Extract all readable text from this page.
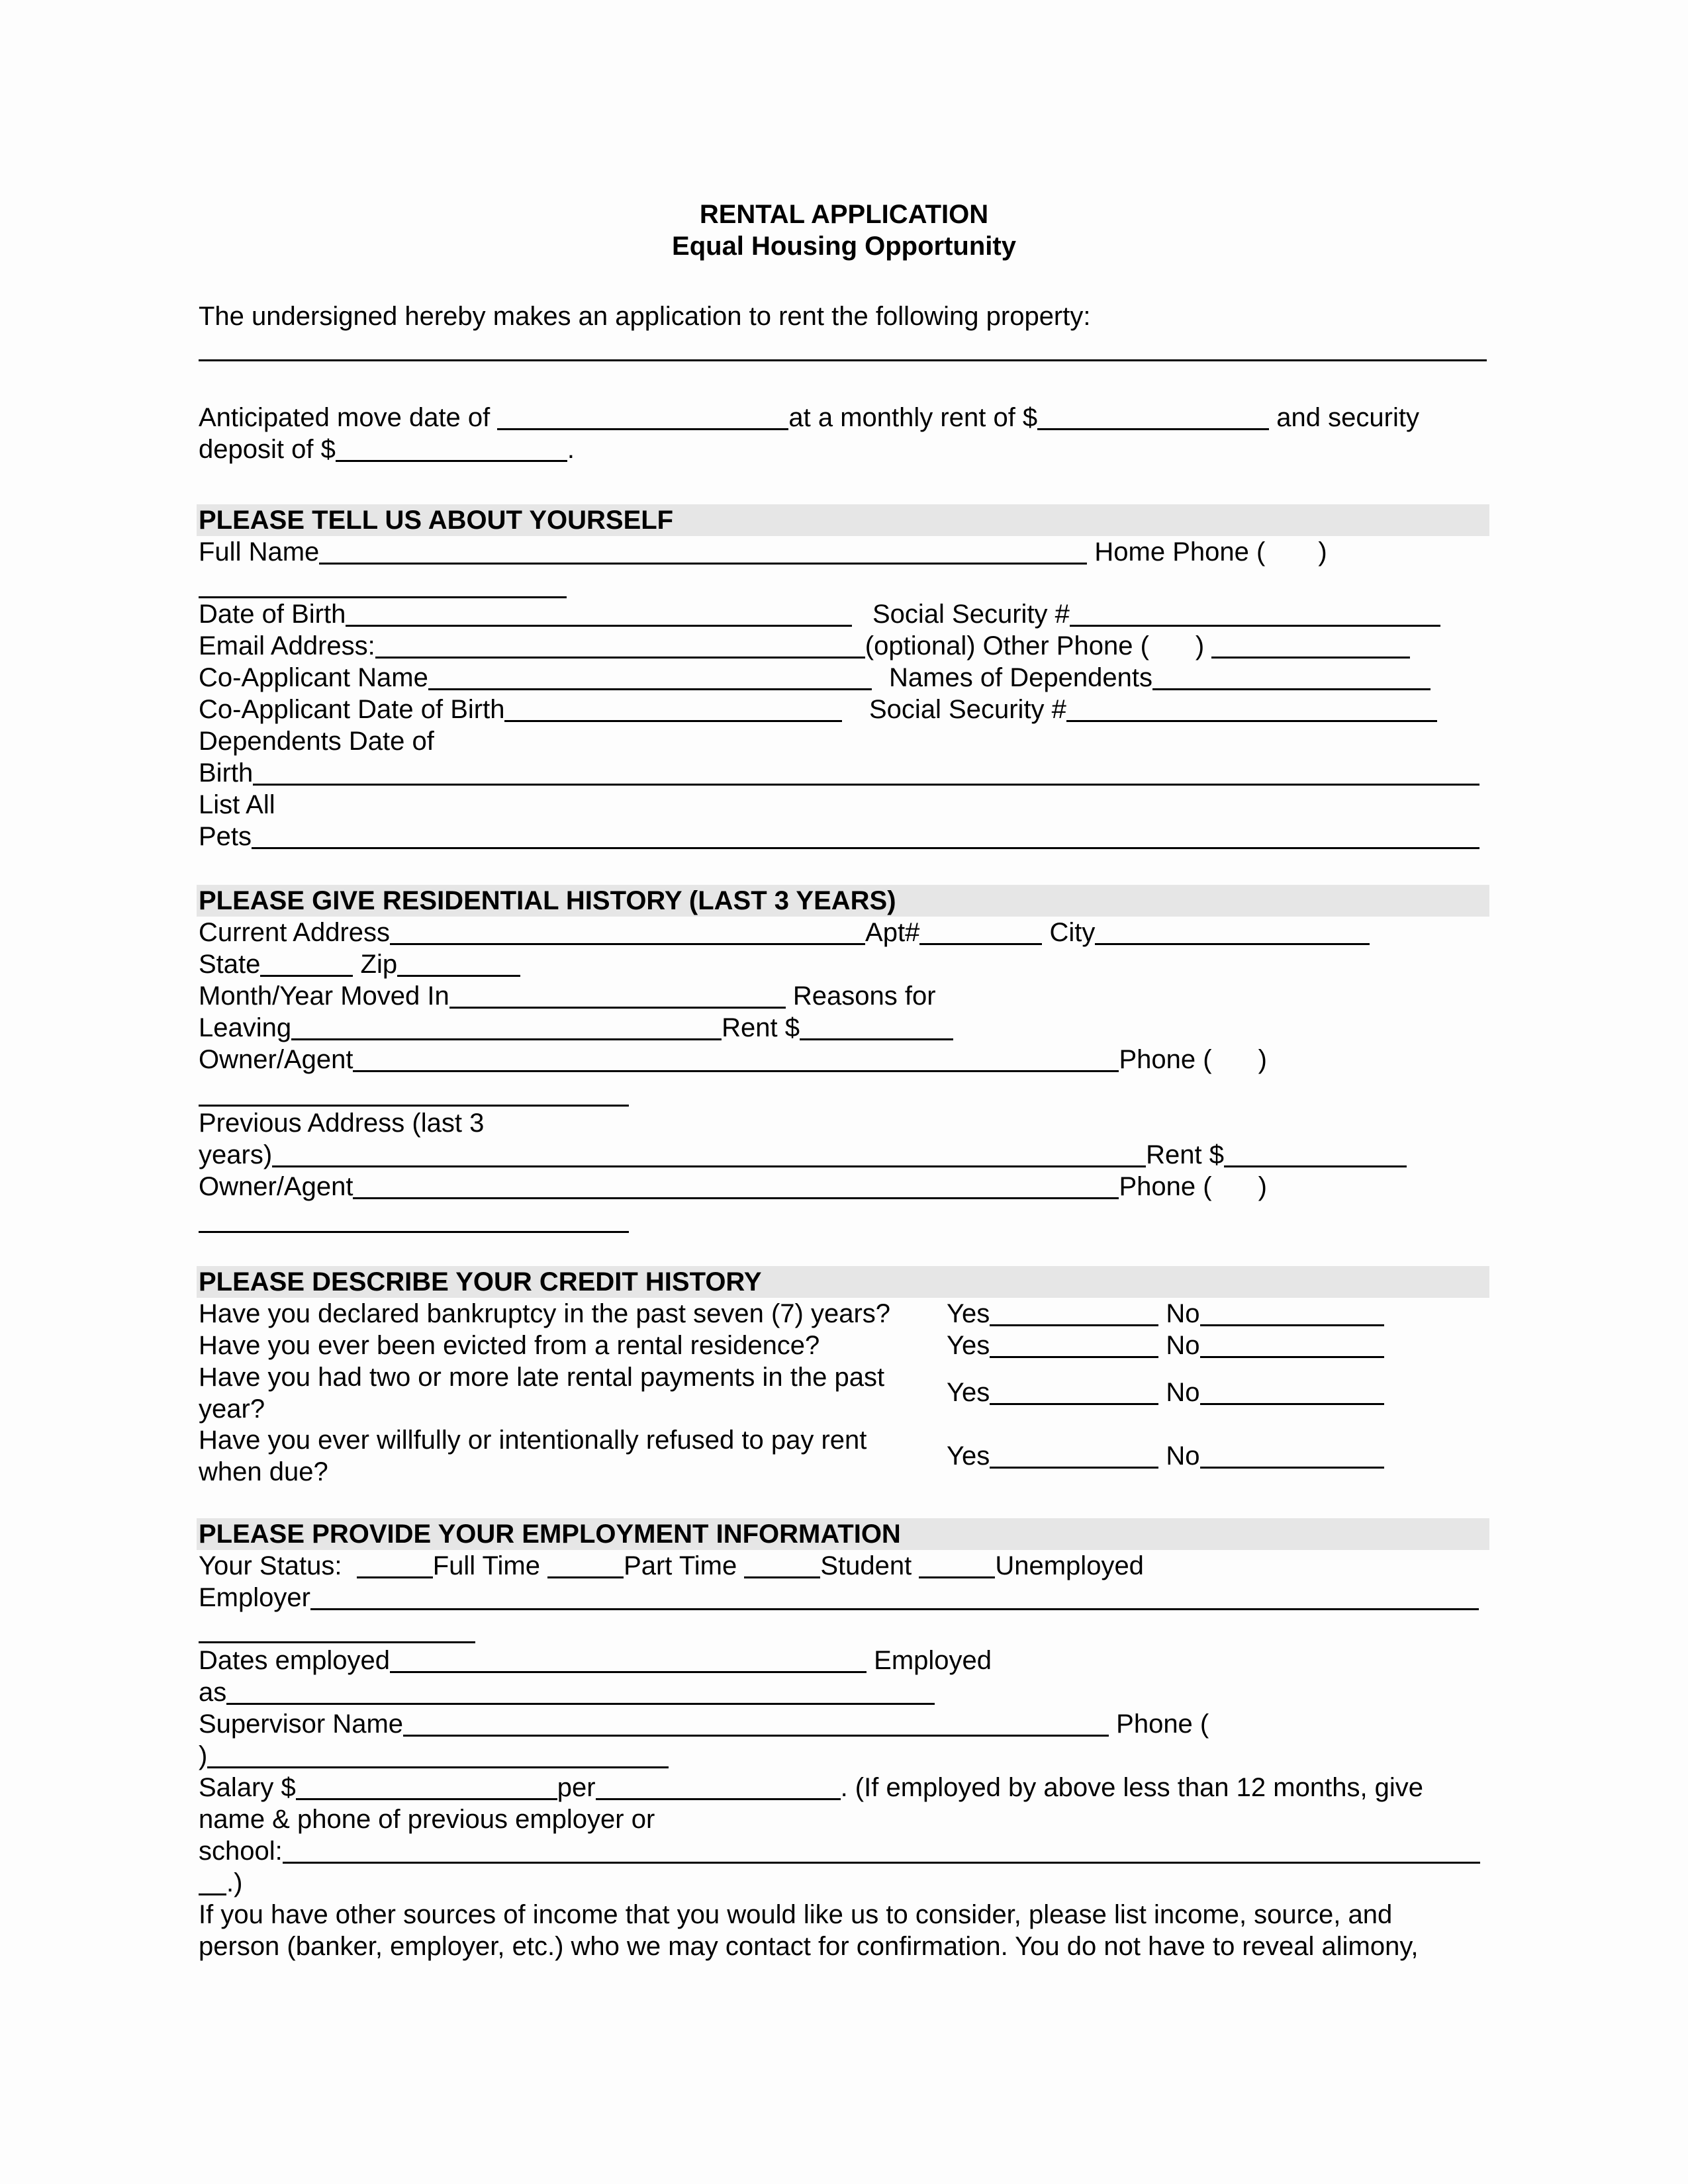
RENTAL APPLICATION
Equal Housing Opportunity
The undersigned hereby makes an application to rent the following property:
Anticipated move date of	at a monthly rent of $	and security
deposit of $	.
PLEASE TELL US ABOUT YOURSELF
Full Name	Home Phone ( )
Date of Birth	Social Security #
Email Address:	(optional) Other Phone ( )
Co-Applicant Name	Names of Dependents
Co-Applicant Date of Birth	Social Security #
Dependents Date of
Birth
List All
Pets
PLEASE GIVE RESIDENTIAL HISTORY (LAST 3 YEARS)
Current Address	Apt#	City
State	Zip
Month/Year Moved In	Reasons for
Leaving	Rent $
Owner/Agent	Phone ( )
Previous Address (last 3
years)	Rent $
Owner/Agent	Phone ( )
PLEASE DESCRIBE YOUR CREDIT HISTORY
Have you declared bankruptcy in the past seven (7) years? Yes	No
Have you ever been evicted from a rental residence?	Yes	No
Have you had two or more late rental payments in the past
year?
Yes	No
Have you ever willfully or intentionally refused to pay rent
when due?
Yes	No
PLEASE PROVIDE YOUR EMPLOYMENT INFORMATION
Your Status:	Full Time	Part Time	Student	Unemployed
Employer
Dates employed	Employed
as
Supervisor Name	Phone (
)
Salary $	per	. (If employed by above less than 12 months, give
name & phone of previous employer or
school:
.)
If you have other sources of income that you would like us to consider, please list income, source, and
person (banker, employer, etc.) who we may contact for confirmation. You do not have to reveal alimony,
